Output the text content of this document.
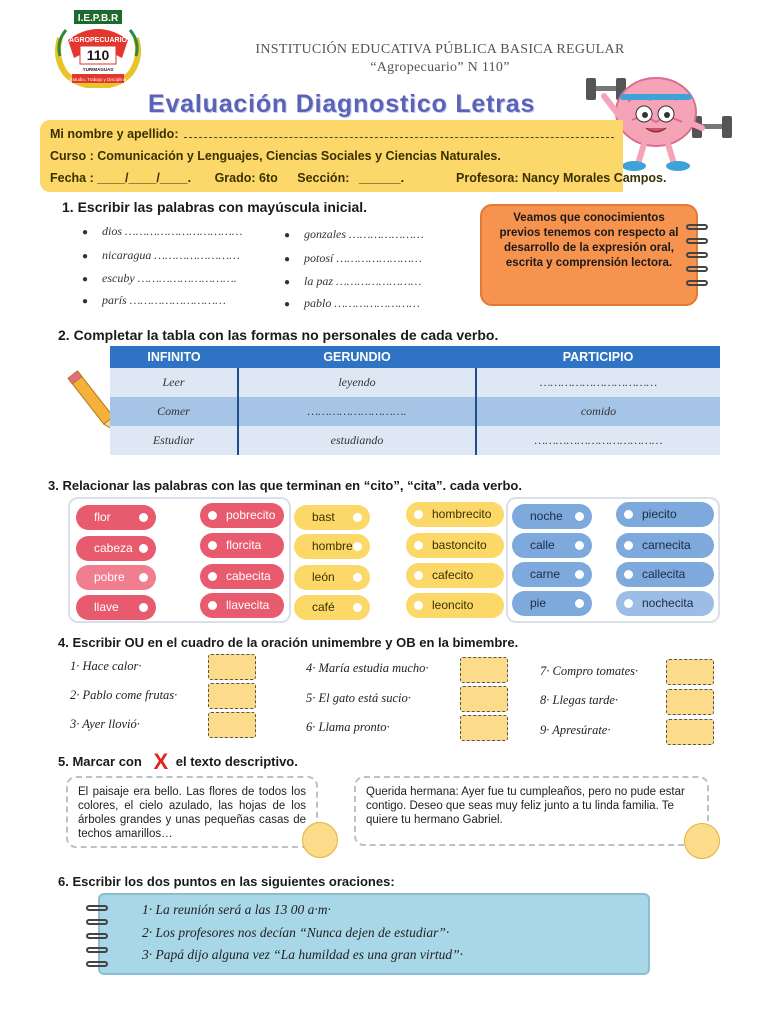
I.E.P.B.R
AGROPECUARIO
110
YURIMAGUAS
Estudio, Trabajo y Disciplina
INSTITUCIÓN EDUCATIVA PÚBLICA BASICA REGULAR
“Agropecuario” N 110”
Evaluación Diagnostico Letras
Mi nombre y apellido:
Curso : Comunicación y Lenguajes, Ciencias Sociales y Ciencias Naturales.
Fecha : ____/____/____. Grado: 6to Sección: ______.	Profesora: Nancy Morales Campos.
1. Escribir las palabras con mayúscula inicial.
● dios ……………………………
● nicaragua ……………………
● escuby ……………………….
● parís ………………………
● gonzales …………………
● potosí ……………………
● la paz ……………………
● pablo ……………………
Veamos que conocimientos previos tenemos con respecto al desarrollo de la expresión oral, escrita y comprensión lectora.
2. Completar la tabla con las formas no personales de cada verbo.
INFINITO	GERUNDIO	PARTICIPIO
Leer	leyendo	……………………………
Comer	……………………….	comido
Estudiar	estudiando	………………………………
3. Relacionar las palabras con las que terminan en “cito”, “cita”. cada verbo.
flor
cabeza
pobre
llave
pobrecito
florcita
cabecita
llavecita
bast
hombre
león
café
hombrecito
bastoncito
cafecito
leoncito
noche
calle
carne
pie
piecito
carnecita
callecita
nochecita
4. Escribir OU en el cuadro de la oración unimembre y OB en la bimembre.
1· Hace calor·
2· Pablo come frutas·
3· Ayer llovió·
4· María estudia mucho·
5· El gato está sucio·
6· Llama pronto·
7· Compro tomates·
8· Llegas tarde·
9· Apresúrate·
5. Marcar con X el texto descriptivo.
El paisaje era bello. Las flores de todos los colores, el cielo azulado, las hojas de los árboles grandes y unas pequeñas casas de techos amarillos…
Querida hermana: Ayer fue tu cumpleaños, pero no pude estar contigo. Deseo que seas muy feliz junto a tu linda familia. Te quiere tu hermano Gabriel.
6. Escribir los dos puntos en las siguientes oraciones:
1· La reunión será a las 13 00 a·m·
2· Los profesores nos decían “Nunca dejen de estudiar”·
3· Papá dijo alguna vez “La humildad es una gran virtud”·
